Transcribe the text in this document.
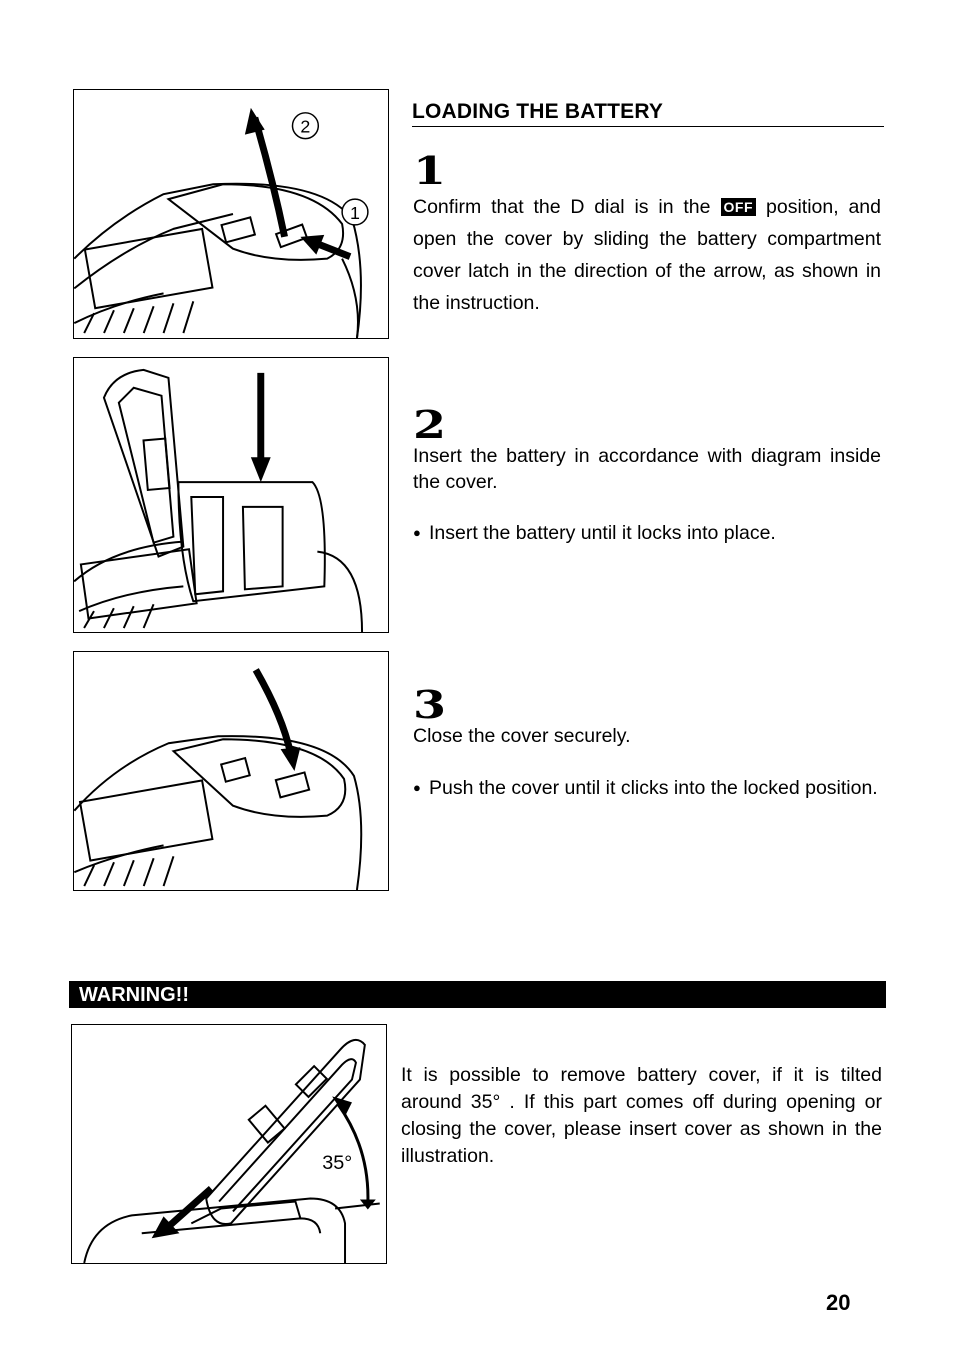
2
1
LOADING THE BATTERY
1
Confirm that the D dial is in the OFF position, and open the cover by sliding the battery compartment cover latch in the direction of the arrow, as shown in the instruction.
2
Insert the battery in accordance with diagram inside the cover.
● Insert the battery until it locks into place.
3
Close the cover securely.
● Push the cover until it clicks into the locked position.
WARNING!!
35°
It is possible to remove battery cover, if it is tilted around 35° . If this part comes off during opening or closing the cover, please insert cover as shown in the illustration.
20
